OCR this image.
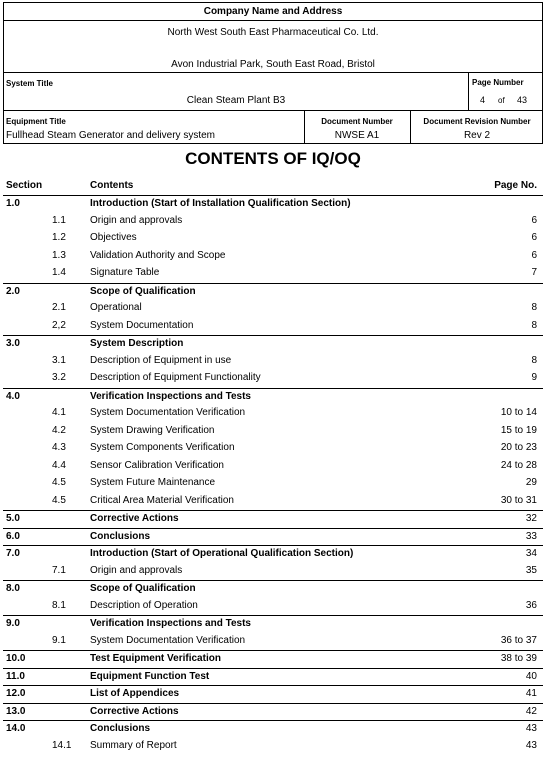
Company Name and Address
North West South East Pharmaceutical Co. Ltd.
Avon Industrial Park, South East Road, Bristol
System Title
Clean Steam Plant B3
Page Number
4 of 43
Equipment Title
Fullhead Steam Generator and delivery system
Document Number
NWSE A1
Document Revision Number
Rev 2
CONTENTS OF IQ/OQ
Section	Contents	Page No.
1.0	Introduction (Start of Installation Qualification Section)
1.1 Origin and approvals	6
1.2 Objectives	6
1.3 Validation Authority and Scope	6
1.4 Signature Table	7
2.0	Scope of Qualification
2.1 Operational	8
2,2 System Documentation	8
3.0	System Description
3.1 Description of Equipment in use	8
3.2 Description of Equipment Functionality	9
4.0	Verification Inspections and Tests
4.1 System Documentation Verification	10 to 14
4.2 System Drawing Verification	15 to 19
4.3 System Components Verification	20 to 23
4.4 Sensor Calibration Verification	24 to 28
4.5 System Future Maintenance	29
4.5 Critical Area Material Verification	30 to 31
5.0	Corrective Actions	32
6.0	Conclusions	33
7.0	Introduction (Start of Operational Qualification Section)	34
7.1 Origin and approvals	35
8.0	Scope of Qualification
8.1 Description of Operation	36
9.0	Verification Inspections and Tests
9.1 System Documentation Verification	36 to 37
10.0	Test Equipment Verification	38 to 39
11.0	Equipment Function Test	40
12.0	List of Appendices	41
13.0	Corrective Actions	42
14.0	Conclusions	43
14.1 Summary of Report	43
